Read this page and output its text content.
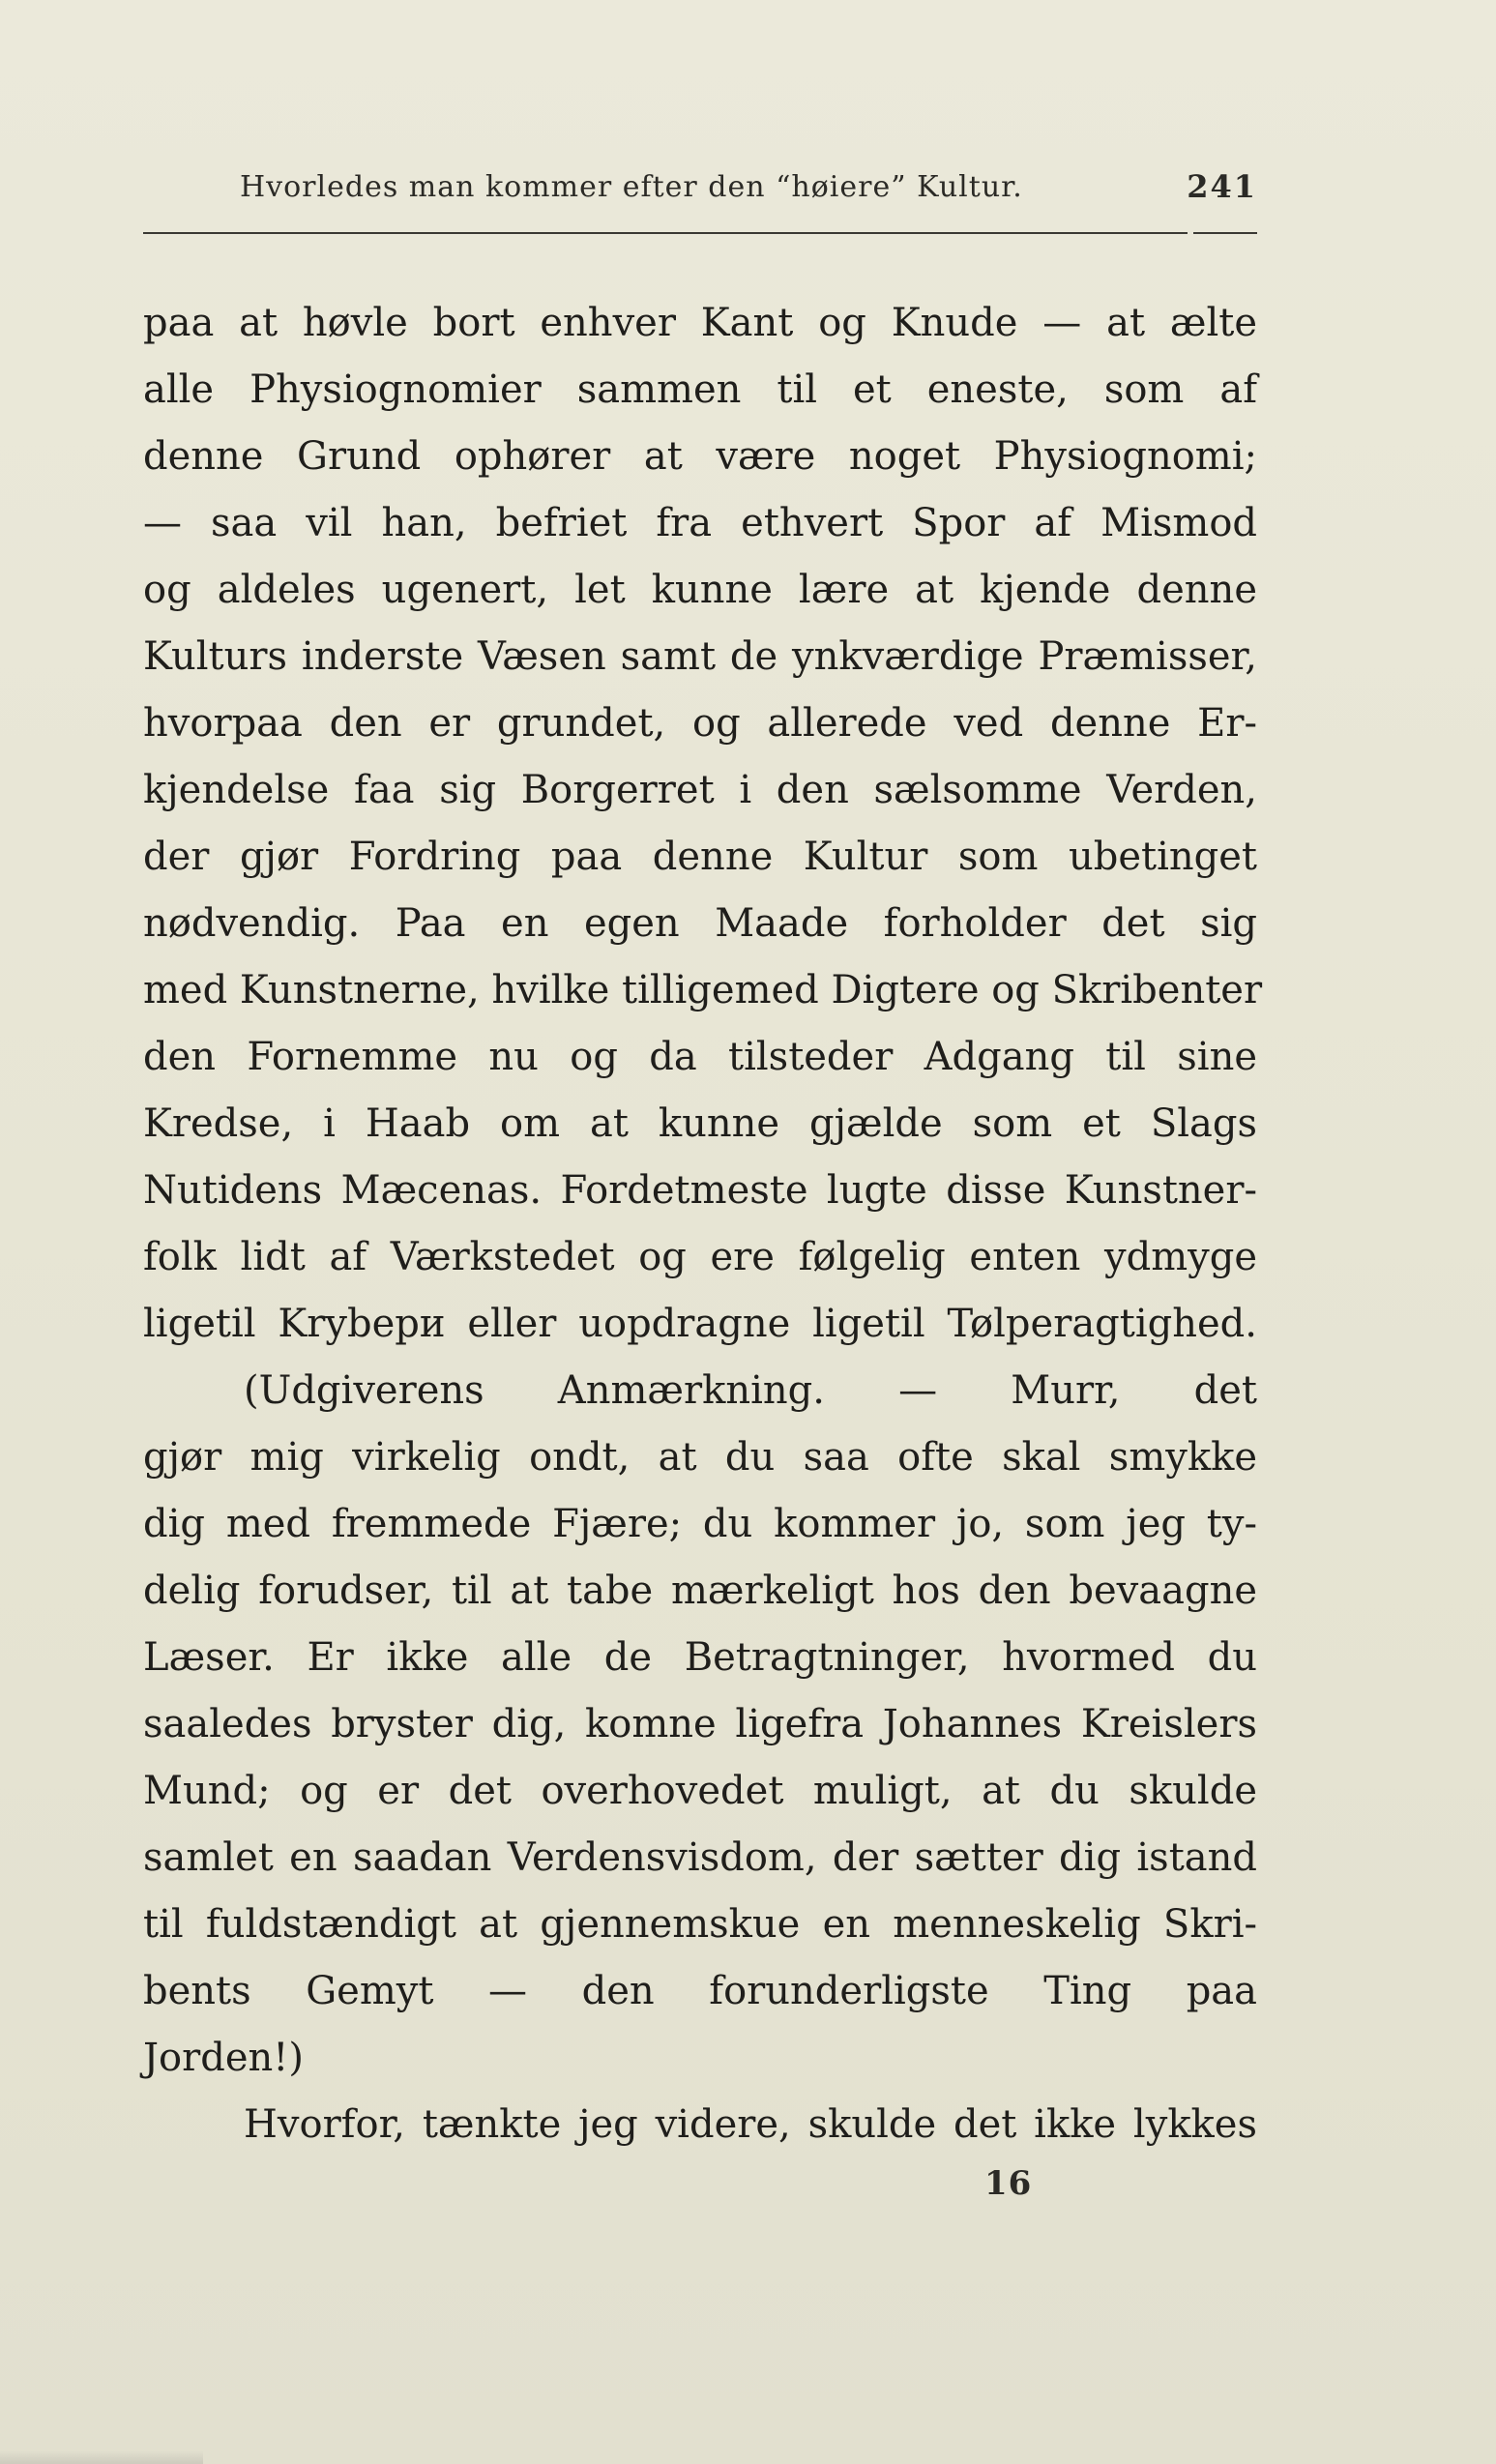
Hvorledes man kommer efter den “høiere” Kultur.	241
paa at høvle bort enhver Kant og Knude — at ælte
alle Physiognomier sammen til et eneste, som af
denne Grund ophører at være noget Physiognomi;
— saa vil han, befriet fra ethvert Spor af Mismod
og aldeles ugenert, let kunne lære at kjende denne
Kulturs inderste Væsen samt de ynkværdige Præmisser,
hvorpaa den er grundet, og allerede ved denne Er-
kjendelse faa sig Borgerret i den sælsomme Verden,
der gjør Fordring paa denne Kultur som ubetinget
nødvendig. Paa en egen Maade forholder det sig
med Kunstnerne, hvilke tilligemed Digtere og Skribenter
den Fornemme nu og da tilsteder Adgang til sine
Kredse, i Haab om at kunne gjælde som et Slags
Nutidens Mæcenas. Fordetmeste lugte disse Kunstner-
folk lidt af Værkstedet og ere følgelig enten ydmyge
ligetil Krybери eller uopdragne ligetil Tølperagtighed.
(Udgiverens Anmærkning. — Murr, det
gjør mig virkelig ondt, at du saa ofte skal smykke
dig med fremmede Fjære; du kommer jo, som jeg ty-
delig forudser, til at tabe mærkeligt hos den bevaagne
Læser. Er ikke alle de Betragtninger, hvormed du
saaledes bryster dig, komne ligefra Johannes Kreislers
Mund; og er det overhovedet muligt, at du skulde
samlet en saadan Verdensvisdom, der sætter dig istand
til fuldstændigt at gjennemskue en menneskelig Skri-
bents Gemyt — den forunderligste Ting paa
Jorden!)
Hvorfor, tænkte jeg videre, skulde det ikke lykkes
16
